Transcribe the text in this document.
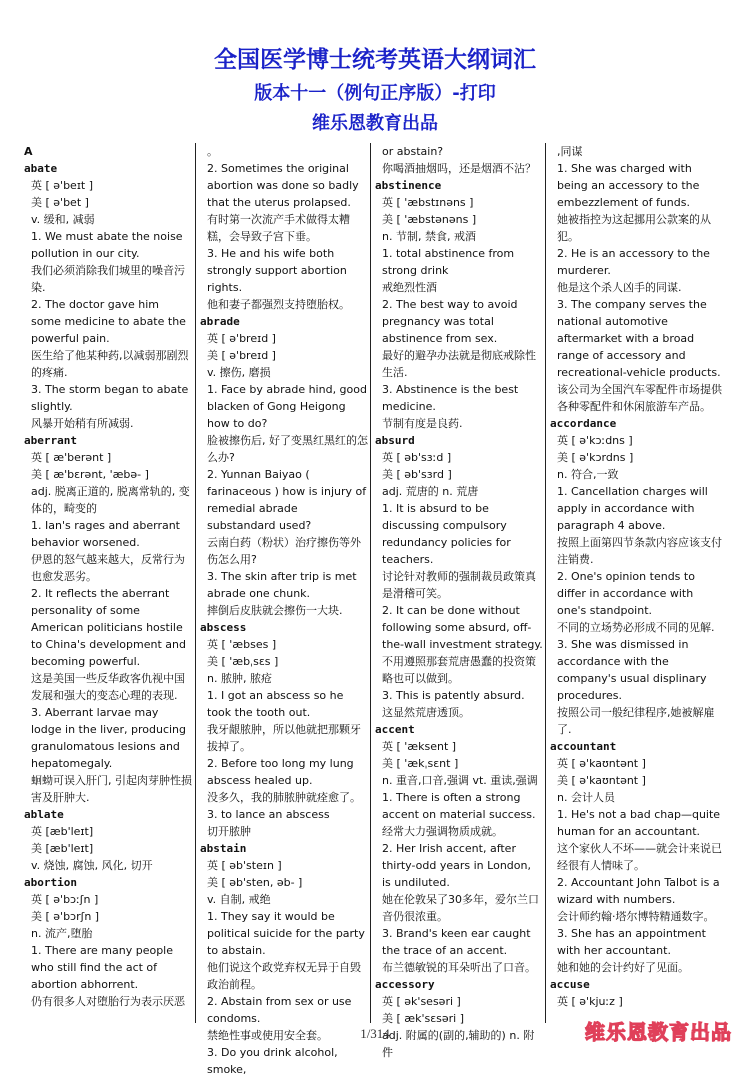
全国医学博士统考英语大纲词汇
版本十一（例句正序版）-打印
维乐恩教育出品
A
abate
英 [ ə'beɪt ]
美 [ ə'bet ]
v. 缓和, 减弱
1. We must abate the noise pollution in our city.
我们必须消除我们城里的噪音污染.
2. The doctor gave him some medicine to abate the powerful pain.
医生给了他某种药,以减弱那剧烈的疼痛.
3. The storm began to abate slightly.
风暴开始稍有所减弱.
aberrant
英 [ æ'berənt ]
美 [ æ'bɛrənt, 'æbə- ]
adj. 脱离正道的, 脱离常轨的, 变体的，畸变的
1. Ian's rages and aberrant behavior worsened.
伊恩的怒气越来越大，反常行为也愈发恶劣。
2. It reflects the aberrant personality of some American politicians hostile to China's development and becoming powerful.
这是美国一些反华政客仇视中国发展和强大的变态心理的表现.
3. Aberrant larvae may lodge in the liver, producing granulomatous lesions and hepatomegaly.
蛔蚴可误入肝门, 引起肉芽肿性损害及肝肿大.
ablate
英 [æb'leɪt]
美 [æb'leɪt]
v. 烧蚀, 腐蚀, 风化, 切开
abortion
英 [ ə'bɔːʃn ]
美 [ ə'bɔrʃn ]
n. 流产,堕胎
1. There are many people who still find the act of abortion abhorrent.
仍有很多人对堕胎行为表示厌恶
。
2. Sometimes the original abortion was done so badly that the uterus prolapsed.
有时第一次流产手术做得太糟糕，会导致子宫下垂。
3. He and his wife both strongly support abortion rights.
他和妻子都强烈支持堕胎权。
abrade
英 [ ə'breɪd ]
美 [ ə'breɪd ]
v. 擦伤, 磨损
1. Face by abrade hind, good blacken of Gong Heigong how to do?
脸被擦伤后, 好了变黑红黑红的怎么办?
2. Yunnan Baiyao ( farinaceous ) how is injury of remedial abrade substandard used?
云南白药（粉状）治疗擦伤等外伤怎么用?
3. The skin after trip is met abrade one chunk.
摔倒后皮肤就会擦伤一大块.
abscess
英 [ 'æbses ]
美 [ 'æbˌsɛs ]
n. 脓肿, 脓疮
1. I got an abscess so he took the tooth out.
我牙龈脓肿，所以他就把那颗牙拔掉了。
2. Before too long my lung abscess healed up.
没多久，我的肺脓肿就痊愈了。
3. to lance an abscess
切开脓肿
abstain
英 [ əb'steɪn ]
美 [ əb'sten, əb- ]
v. 自制, 戒绝
1. They say it would be political suicide for the party to abstain.
他们说这个政党弃权无异于自毁政治前程。
2. Abstain from sex or use condoms.
禁绝性事或使用安全套。
3. Do you drink alcohol, smoke,
or abstain?
你喝酒抽烟吗，还是烟酒不沾？
abstinence
英 [ 'æbstɪnəns ]
美 [ 'æbstənəns ]
n. 节制, 禁食, 戒酒
1. total abstinence from strong drink
戒绝烈性酒
2. The best way to avoid pregnancy was total abstinence from sex.
最好的避孕办法就是彻底戒除性生活.
3. Abstinence is the best medicine.
节制有度是良药.
absurd
英 [ əb'sɜːd ]
美 [ əb'sɜrd ]
adj. 荒唐的 n. 荒唐
1. It is absurd to be discussing compulsory redundancy policies for teachers.
讨论针对教师的强制裁员政策真是滑稽可笑。
2. It can be done without following some absurd, off-the-wall investment strategy.
不用遵照那套荒唐愚蠢的投资策略也可以做到。
3. This is patently absurd.
这显然荒唐透顶。
accent
英 [ 'æksent ]
美 [ 'ækˌsɛnt ]
n. 重音,口音,强调 vt. 重读,强调
1. There is often a strong accent on material success.
经常大力强调物质成就。
2. Her Irish accent, after thirty-odd years in London, is undiluted.
她在伦敦呆了30多年，爱尔兰口音仍很浓重。
3. Brand's keen ear caught the trace of an accent.
布兰德敏锐的耳朵听出了口音。
accessory
英 [ ək'sesəri ]
美 [ æk'sɛsəri ]
adj. 附属的(副的,辅助的) n. 附件
,同谋
1. She was charged with being an accessory to the embezzlement of funds.
她被指控为这起挪用公款案的从犯。
2. He is an accessory to the murderer.
他是这个杀人凶手的同谋.
3. The company serves the national automotive aftermarket with a broad range of accessory and recreational-vehicle products.
该公司为全国汽车零配件市场提供各种零配件和休闲旅游车产品。
accordance
英 [ ə'kɔːdns ]
美 [ ə'kɔrdns ]
n. 符合,一致
1. Cancellation charges will apply in accordance with paragraph 4 above.
按照上面第四节条款内容应该支付注销费.
2. One's opinion tends to differ in accordance with one's standpoint.
不同的立场势必形成不同的见解.
3. She was dismissed in accordance with the company's usual displinary procedures.
按照公司一般纪律程序,她被解雇了.
accountant
英 [ ə'kaʊntənt ]
美 [ ə'kaʊntənt ]
n. 会计人员
1. He's not a bad chap—quite human for an accountant.
这个家伙人不坏——就会计来说已经很有人情味了。
2. Accountant John Talbot is a wizard with numbers.
会计师约翰·塔尔博特精通数字。
3. She has an appointment with her accountant.
她和她的会计约好了见面。
accuse
英 [ ə'kjuːz ]
1/314	维乐恩教育出品
